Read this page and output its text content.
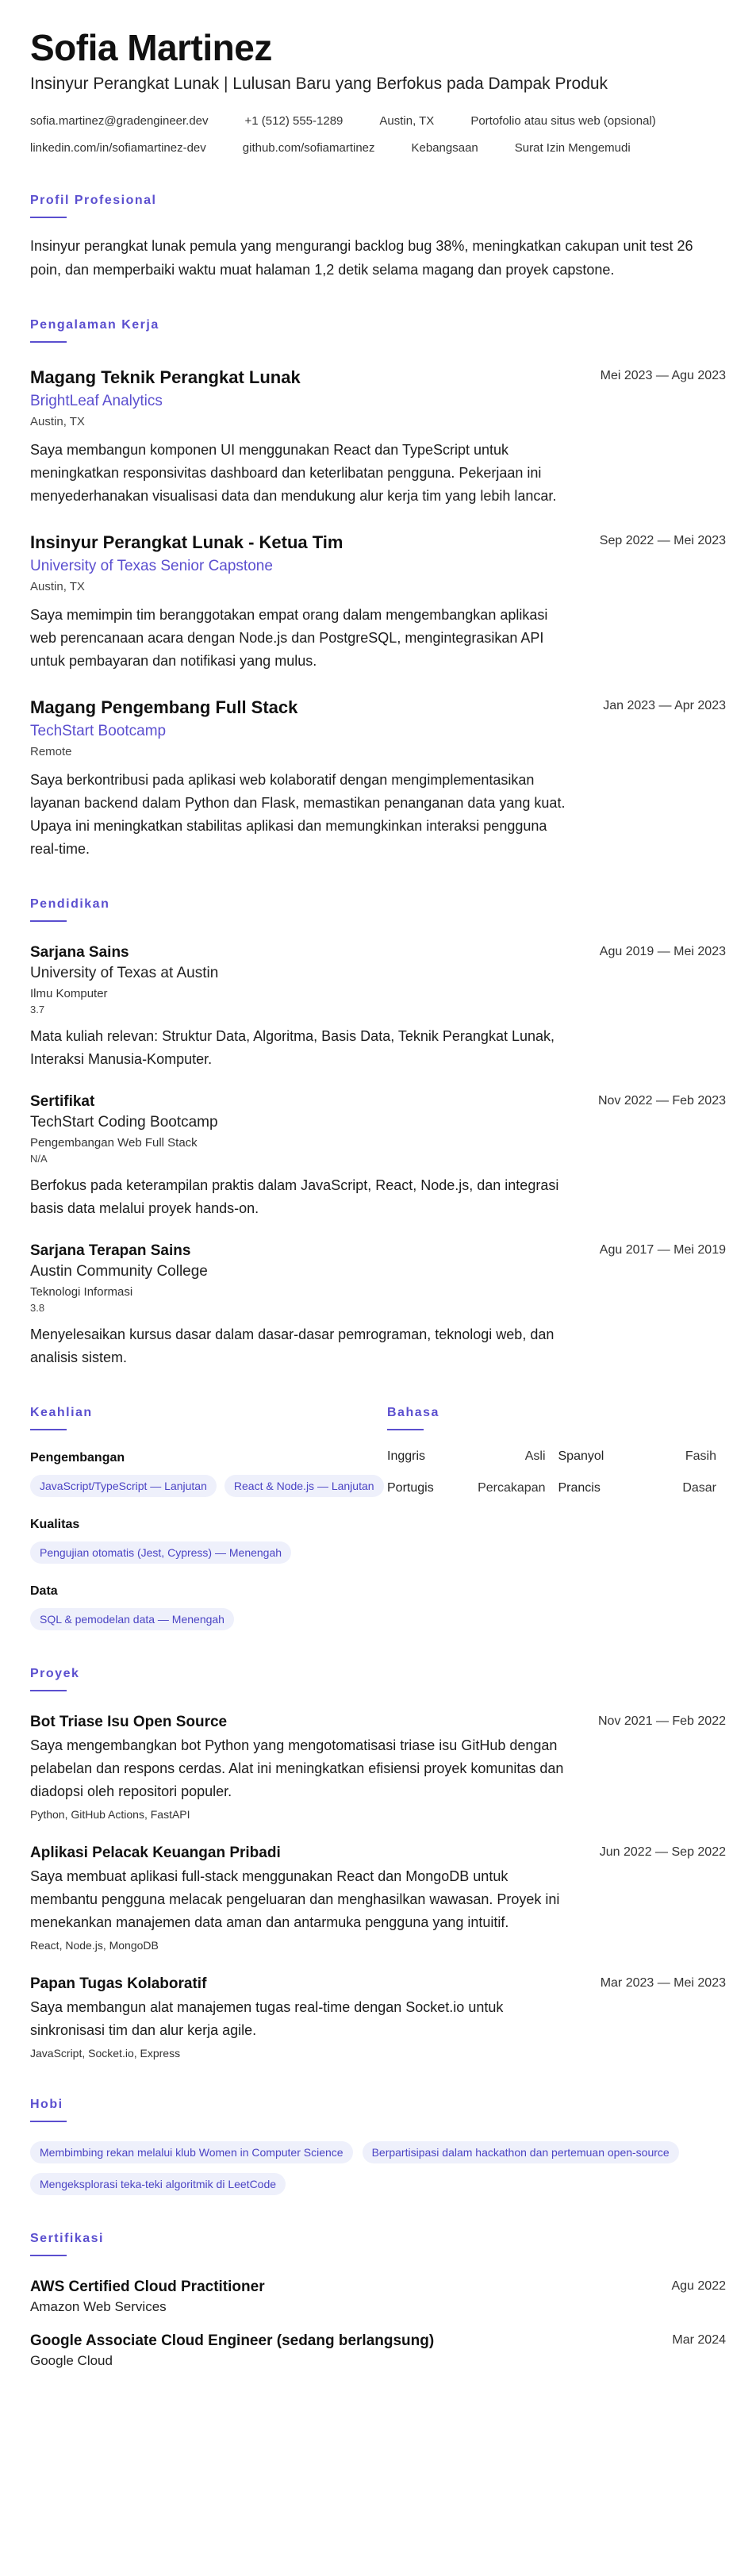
Sofia Martinez
Insinyur Perangkat Lunak | Lulusan Baru yang Berfokus pada Dampak Produk
sofia.martinez@gradengineer.dev	+1 (512) 555-1289	Austin, TX	Portofolio atau situs web (opsional)
linkedin.com/in/sofiamartinez-dev	github.com/sofiamartinez	Kebangsaan	Surat Izin Mengemudi
Profil Profesional

Insinyur perangkat lunak pemula yang mengurangi backlog bug 38%, meningkatkan cakupan unit test 26 poin, dan memperbaiki waktu muat halaman 1,2 detik selama magang dan proyek capstone.

Pengalaman Kerja
Magang Teknik Perangkat Lunak
BrightLeaf Analytics
Austin, TX

Saya membangun komponen UI menggunakan React dan TypeScript untuk meningkatkan responsivitas dashboard dan keterlibatan pengguna. Pekerjaan ini menyederhanakan visualisasi data dan mendukung alur kerja tim yang lebih lancar.

Mei 2023 — Agu 2023
Insinyur Perangkat Lunak - Ketua Tim
University of Texas Senior Capstone
Austin, TX

Saya memimpin tim beranggotakan empat orang dalam mengembangkan aplikasi web perencanaan acara dengan Node.js dan PostgreSQL, mengintegrasikan API untuk pembayaran dan notifikasi yang mulus.

Sep 2022 — Mei 2023
Magang Pengembang Full Stack
TechStart Bootcamp
Remote

Saya berkontribusi pada aplikasi web kolaboratif dengan mengimplementasikan layanan backend dalam Python dan Flask, memastikan penanganan data yang kuat. Upaya ini meningkatkan stabilitas aplikasi dan memungkinkan interaksi pengguna real-time.

Jan 2023 — Apr 2023
Pendidikan
Sarjana Sains
University of Texas at Austin
Ilmu Komputer
3.7

Mata kuliah relevan: Struktur Data, Algoritma, Basis Data, Teknik Perangkat Lunak, Interaksi Manusia-Komputer.

Agu 2019 — Mei 2023
Sertifikat
TechStart Coding Bootcamp
Pengembangan Web Full Stack
N/A

Berfokus pada keterampilan praktis dalam JavaScript, React, Node.js, dan integrasi basis data melalui proyek hands-on.

Nov 2022 — Feb 2023
Sarjana Terapan Sains
Austin Community College
Teknologi Informasi
3.8

Menyelesaikan kursus dasar dalam dasar-dasar pemrograman, teknologi web, dan analisis sistem.

Agu 2017 — Mei 2019
Keahlian
Pengembangan
JavaScript/TypeScript — Lanjutan	React & Node.js — Lanjutan
Kualitas
Pengujian otomatis (Jest, Cypress) — Menengah
Data
SQL & pemodelan data — Menengah
Bahasa
Inggris	Asli Spanyol	Fasih
Portugis	Percakapan Prancis	Dasar
Proyek
Bot Triase Isu Open Source

Saya mengembangkan bot Python yang mengotomatisasi triase isu GitHub dengan pelabelan dan respons cerdas. Alat ini meningkatkan efisiensi proyek komunitas dan diadopsi oleh repositori populer.

Python, GitHub Actions, FastAPI
Nov 2021 — Feb 2022
Aplikasi Pelacak Keuangan Pribadi

Saya membuat aplikasi full-stack menggunakan React dan MongoDB untuk membantu pengguna melacak pengeluaran dan menghasilkan wawasan. Proyek ini menekankan manajemen data aman dan antarmuka pengguna yang intuitif.

React, Node.js, MongoDB
Jun 2022 — Sep 2022
Papan Tugas Kolaboratif

Saya membangun alat manajemen tugas real-time dengan Socket.io untuk sinkronisasi tim dan alur kerja agile.

JavaScript, Socket.io, Express
Mar 2023 — Mei 2023
Hobi
Membimbing rekan melalui klub Women in Computer Science	Berpartisipasi dalam hackathon dan pertemuan open-source
Mengeksplorasi teka-teki algoritmik di LeetCode
Sertifikasi
AWS Certified Cloud Practitioner
Amazon Web Services
Agu 2022
Google Associate Cloud Engineer (sedang berlangsung)
Google Cloud
Mar 2024
